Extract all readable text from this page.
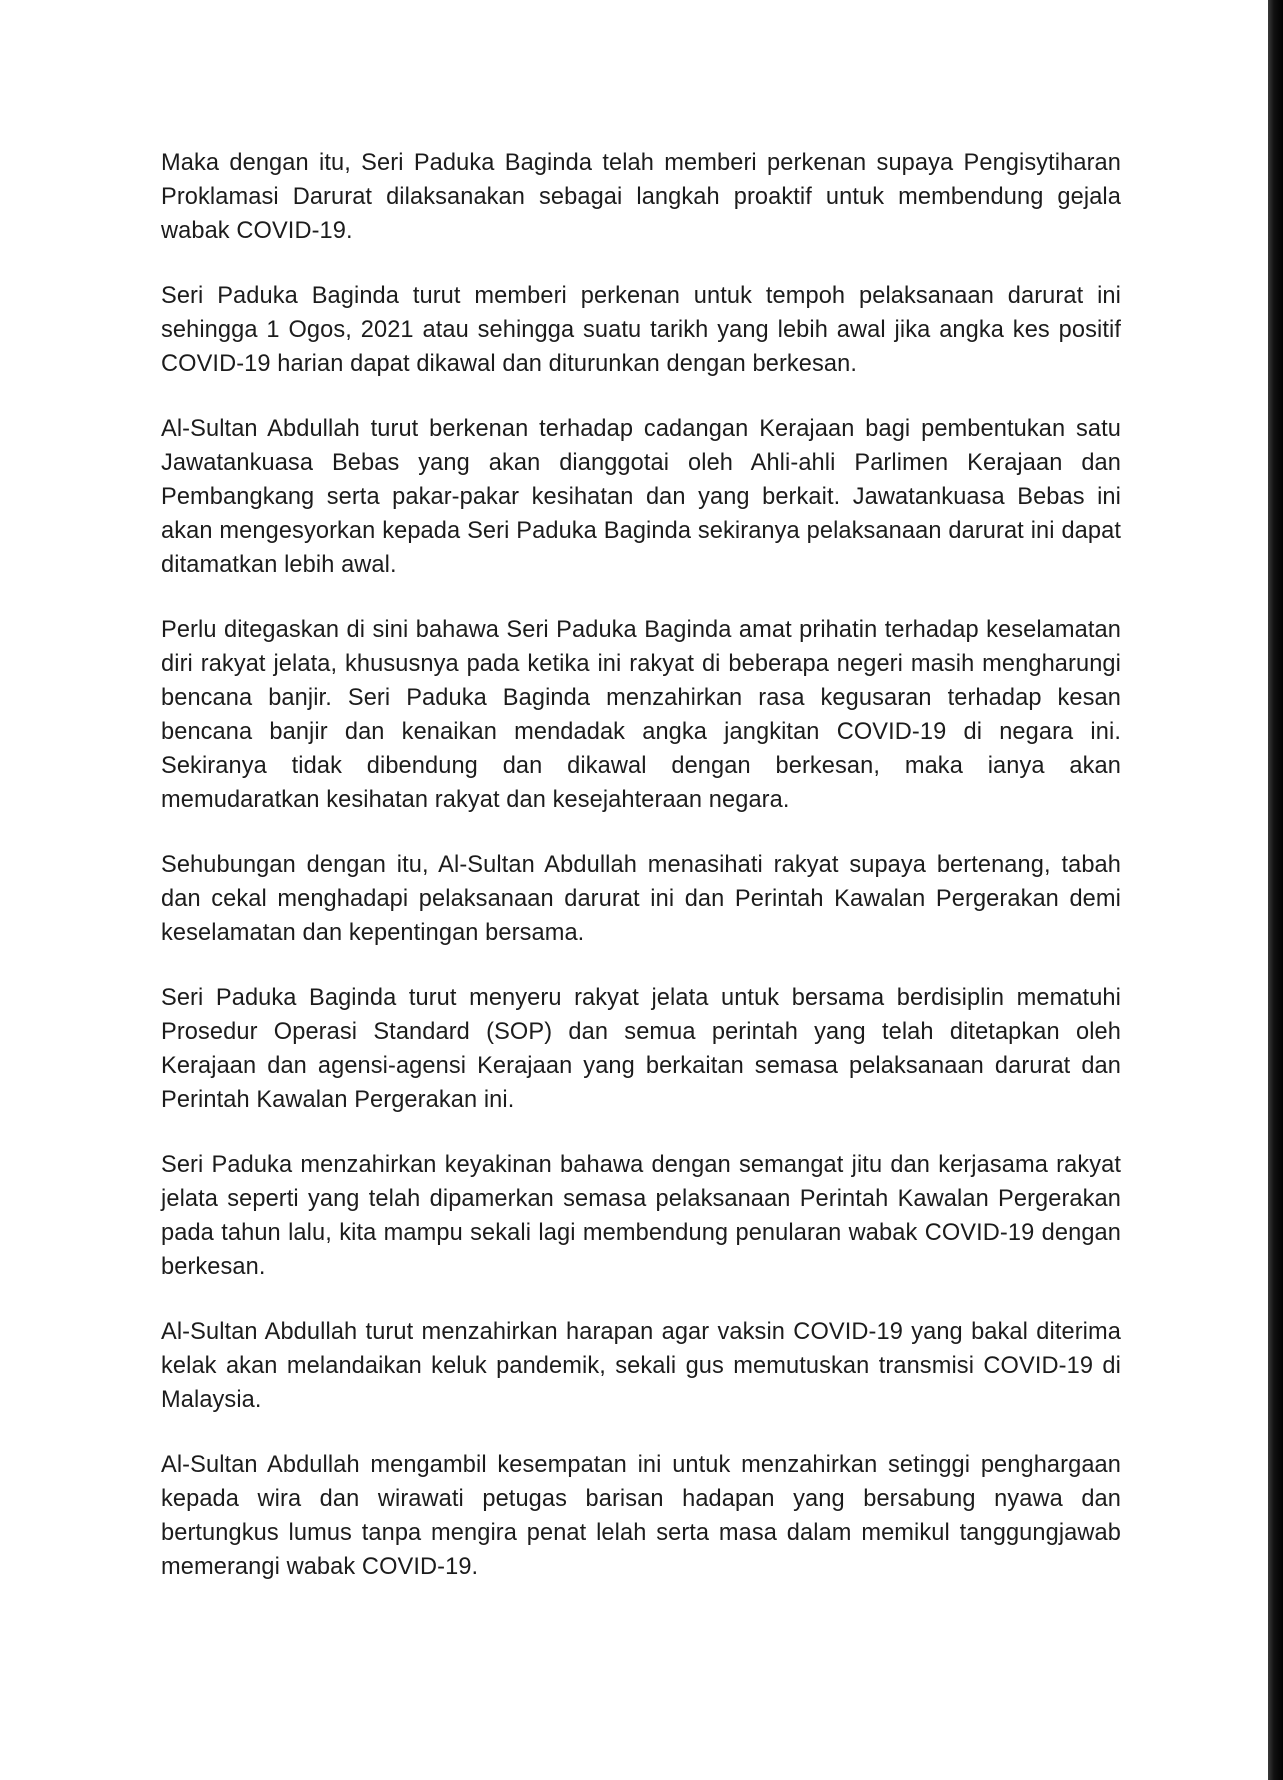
Maka dengan itu, Seri Paduka Baginda telah memberi perkenan supaya Pengisytiharan Proklamasi Darurat dilaksanakan sebagai langkah proaktif untuk membendung gejala wabak COVID-19.

Seri Paduka Baginda turut memberi perkenan untuk tempoh pelaksanaan darurat ini sehingga 1 Ogos, 2021 atau sehingga suatu tarikh yang lebih awal jika angka kes positif COVID-19 harian dapat dikawal dan diturunkan dengan berkesan.

Al-Sultan Abdullah turut berkenan terhadap cadangan Kerajaan bagi pembentukan satu Jawatankuasa Bebas yang akan dianggotai oleh Ahli-ahli Parlimen Kerajaan dan Pembangkang serta pakar-pakar kesihatan dan yang berkait. Jawatankuasa Bebas ini akan mengesyorkan kepada Seri Paduka Baginda sekiranya pelaksanaan darurat ini dapat ditamatkan lebih awal.

Perlu ditegaskan di sini bahawa Seri Paduka Baginda amat prihatin terhadap keselamatan diri rakyat jelata, khususnya pada ketika ini rakyat di beberapa negeri masih mengharungi bencana banjir. Seri Paduka Baginda menzahirkan rasa kegusaran terhadap kesan bencana banjir dan kenaikan mendadak angka jangkitan COVID-19 di negara ini. Sekiranya tidak dibendung dan dikawal dengan berkesan, maka ianya akan memudaratkan kesihatan rakyat dan kesejahteraan negara.

Sehubungan dengan itu, Al-Sultan Abdullah menasihati rakyat supaya bertenang, tabah dan cekal menghadapi pelaksanaan darurat ini dan Perintah Kawalan Pergerakan demi keselamatan dan kepentingan bersama.

Seri Paduka Baginda turut menyeru rakyat jelata untuk bersama berdisiplin mematuhi Prosedur Operasi Standard (SOP) dan semua perintah yang telah ditetapkan oleh Kerajaan dan agensi-agensi Kerajaan yang berkaitan semasa pelaksanaan darurat dan Perintah Kawalan Pergerakan ini.

Seri Paduka menzahirkan keyakinan bahawa dengan semangat jitu dan kerjasama rakyat jelata seperti yang telah dipamerkan semasa pelaksanaan Perintah Kawalan Pergerakan pada tahun lalu, kita mampu sekali lagi membendung penularan wabak COVID-19 dengan berkesan.

Al-Sultan Abdullah turut menzahirkan harapan agar vaksin COVID-19 yang bakal diterima kelak akan melandaikan keluk pandemik, sekali gus memutuskan transmisi COVID-19 di Malaysia.

Al-Sultan Abdullah mengambil kesempatan ini untuk menzahirkan setinggi penghargaan kepada wira dan wirawati petugas barisan hadapan yang bersabung nyawa dan bertungkus lumus tanpa mengira penat lelah serta masa dalam memikul tanggungjawab memerangi wabak COVID-19.
